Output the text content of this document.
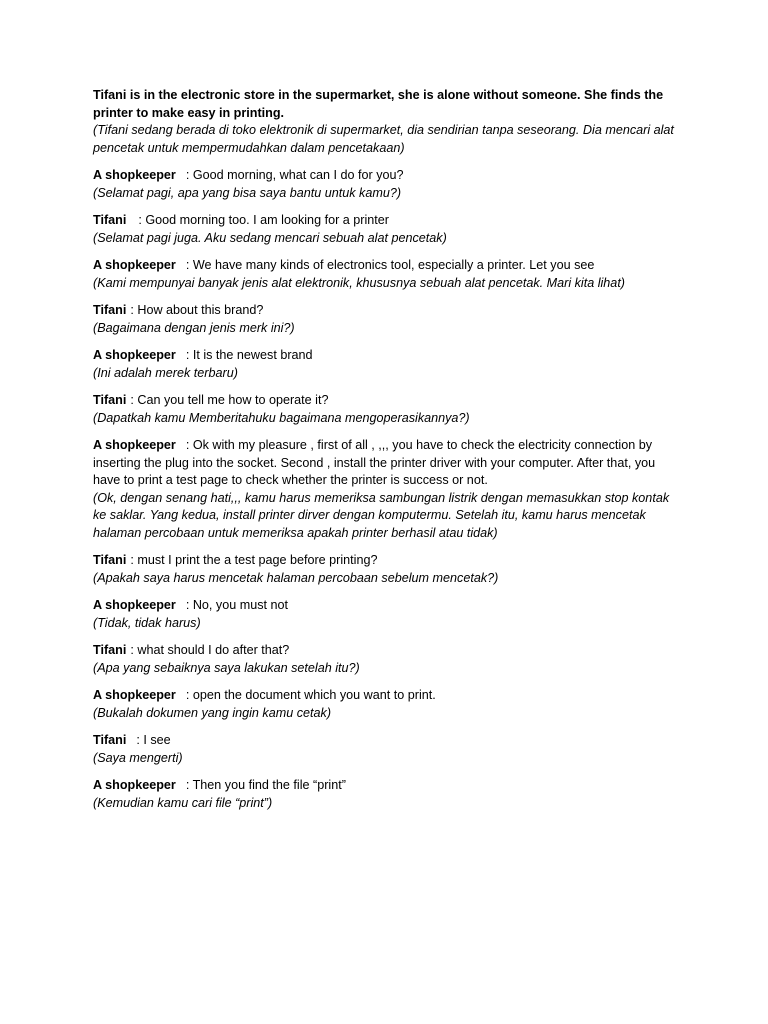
Tifani is in the electronic store in the supermarket, she is alone without someone. She finds the printer to make easy in printing.
(Tifani sedang berada di toko elektronik di supermarket, dia sendirian tanpa seseorang. Dia mencari alat pencetak untuk mempermudahkan dalam pencetakaan)
A shopkeeper : Good morning, what can I do for you?
(Selamat pagi, apa yang bisa saya bantu untuk kamu?)
Tifani : Good morning too. I am looking for a printer
(Selamat pagi juga. Aku sedang mencari sebuah alat pencetak)
A shopkeeper : We have many kinds of electronics tool, especially a printer. Let you see
(Kami mempunyai banyak jenis alat elektronik, khususnya sebuah alat pencetak. Mari kita lihat)
Tifani : How about this brand?
(Bagaimana dengan jenis merk ini?)
A shopkeeper : It is the newest brand
(Ini adalah merek terbaru)
Tifani : Can you tell me how to operate it?
(Dapatkah kamu Memberitahuku bagaimana mengoperasikannya?)
A shopkeeper : Ok with my pleasure , first of all , ,,, you have to check the electricity connection by inserting the plug into the socket. Second , install the printer driver with your computer. After that, you have to print a test page to check whether the printer is success or not.
(Ok, dengan senang hati,,, kamu harus memeriksa sambungan listrik dengan memasukkan stop kontak ke saklar. Yang kedua, install printer dirver dengan komputermu. Setelah itu, kamu harus mencetak halaman percobaan untuk memeriksa apakah printer berhasil atau tidak)
Tifani : must I print the a test page before printing?
(Apakah saya harus mencetak halaman percobaan sebelum mencetak?)
A shopkeeper : No, you must not
(Tidak, tidak harus)
Tifani : what should I do after that?
(Apa yang sebaiknya saya lakukan setelah itu?)
A shopkeeper : open the document which you want to print.
(Bukalah dokumen yang ingin kamu cetak)
Tifani : I see
(Saya mengerti)
A shopkeeper : Then you find the file “print”
(Kemudian kamu cari file “print”)
